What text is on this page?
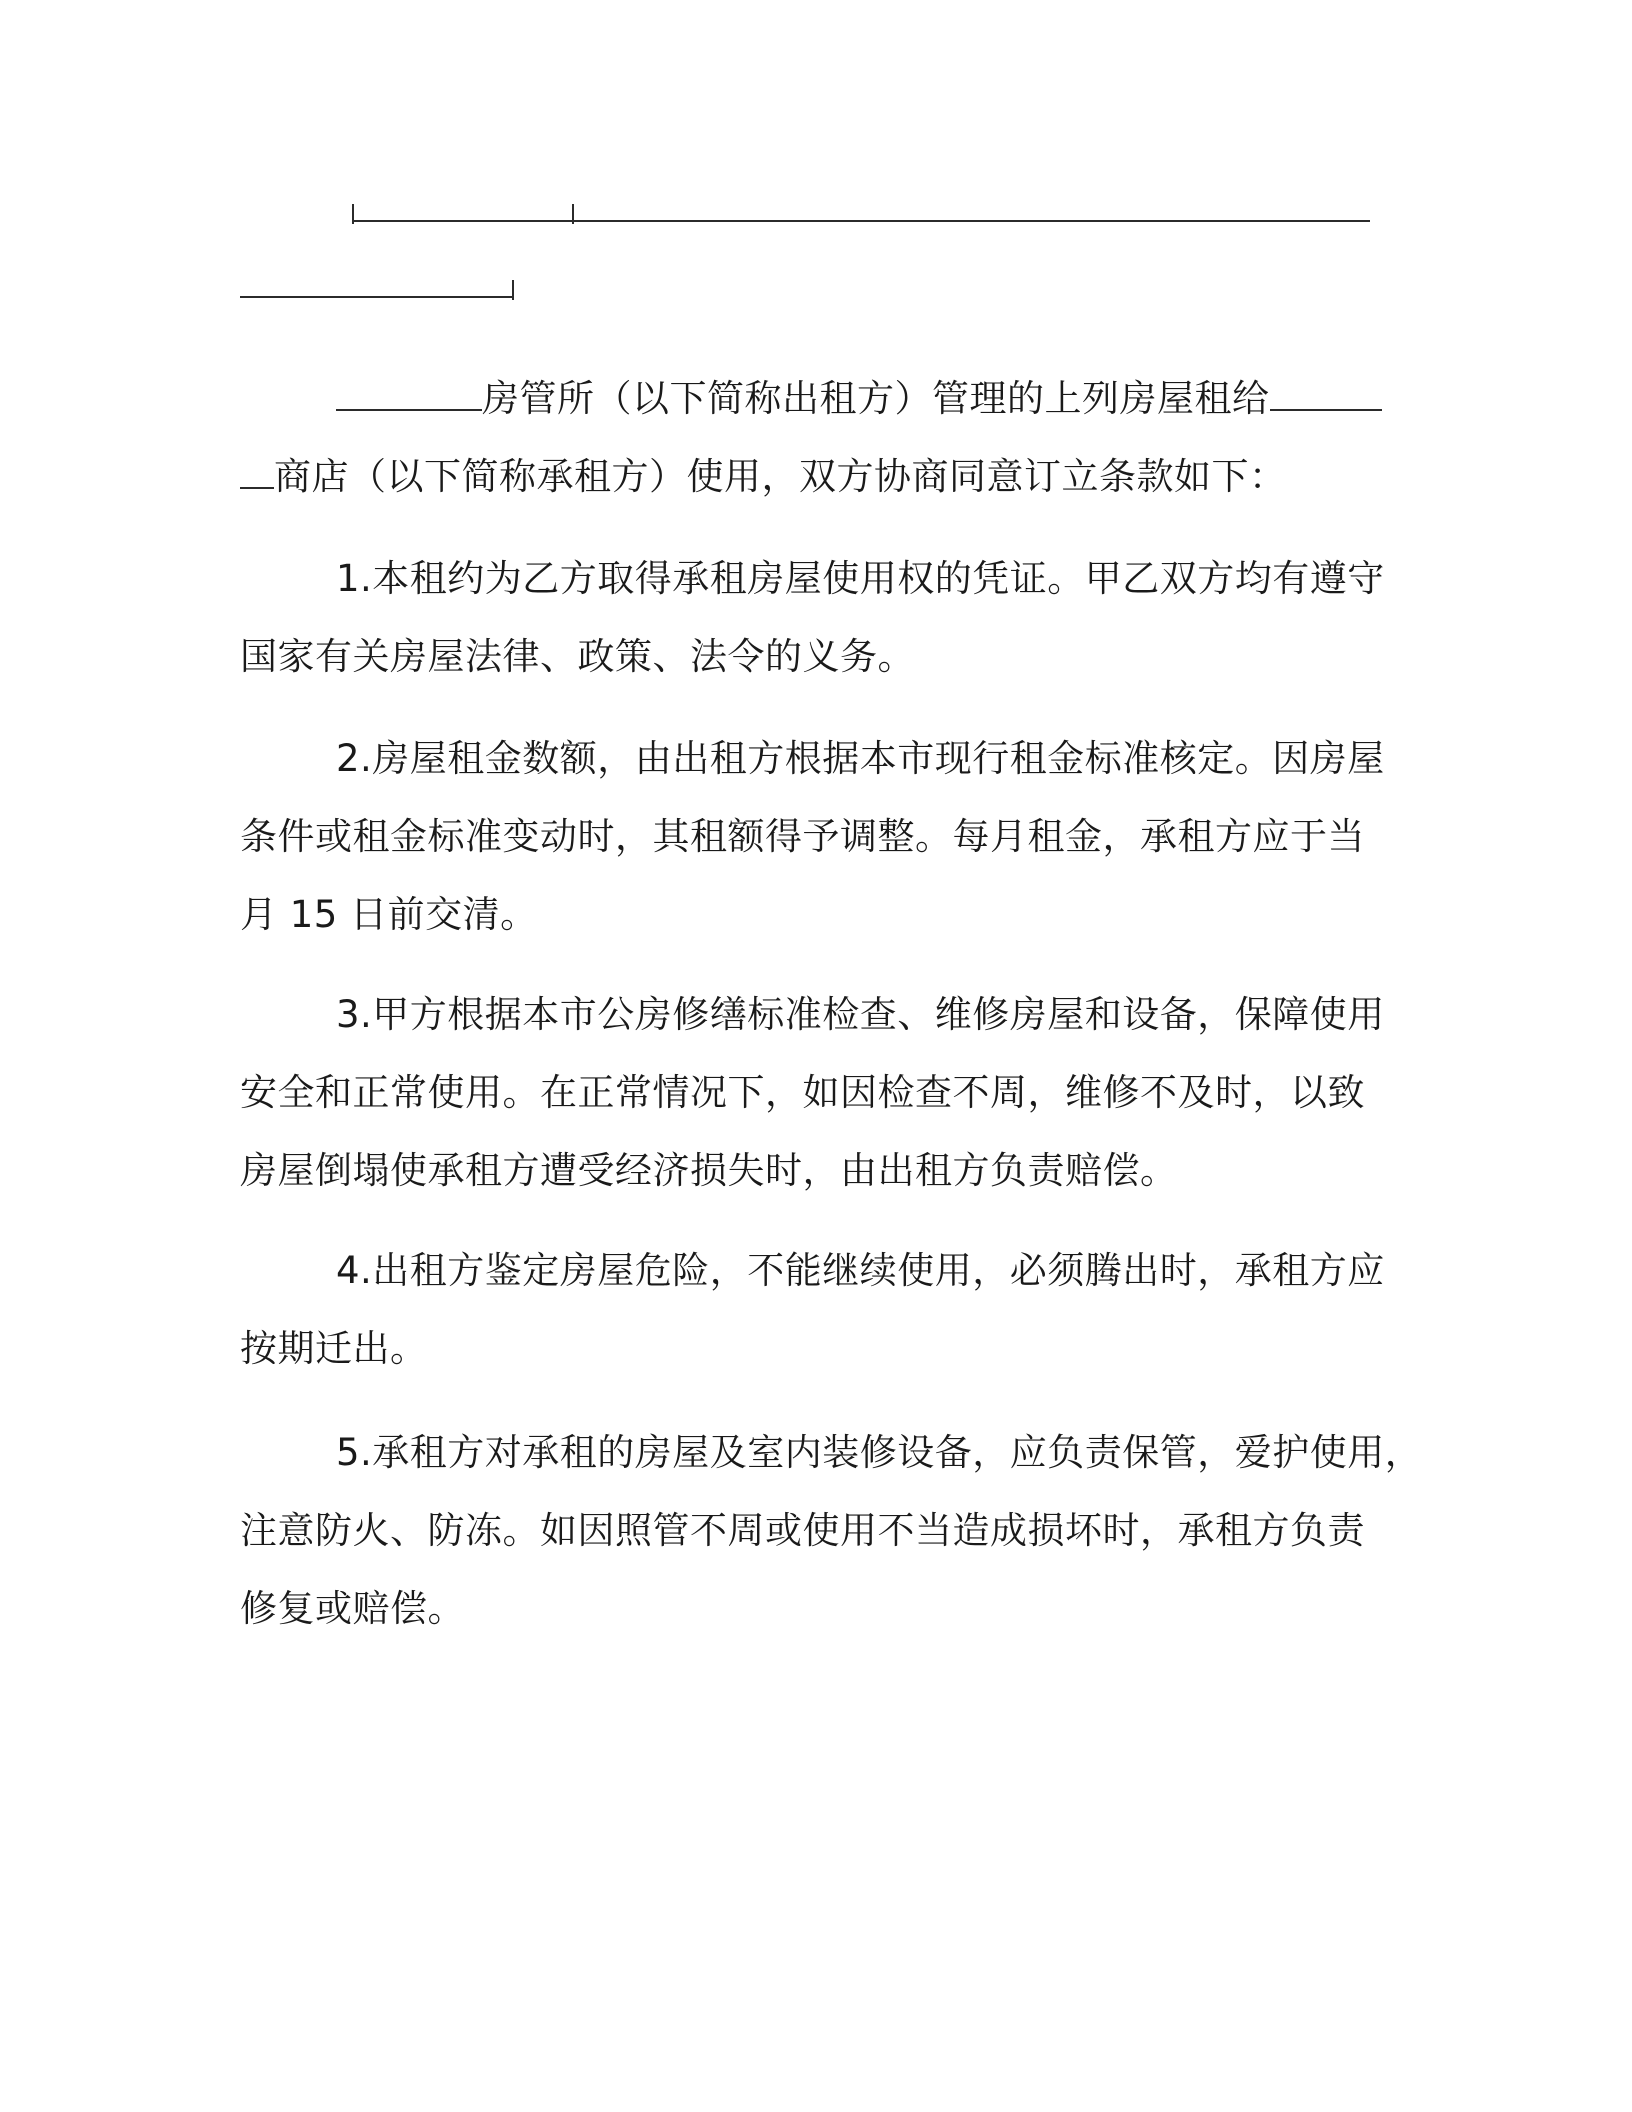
房管所（以下简称出租方）管理的上列房屋租给
商店（以下简称承租方）使用，双方协商同意订立条款如下：
1.本租约为乙方取得承租房屋使用权的凭证。甲乙双方均有遵守
国家有关房屋法律、政策、法令的义务。
2.房屋租金数额，由出租方根据本市现行租金标准核定。因房屋
条件或租金标准变动时，其租额得予调整。每月租金，承租方应于当
月 15 日前交清。
3.甲方根据本市公房修缮标准检查、维修房屋和设备，保障使用
安全和正常使用。在正常情况下，如因检查不周，维修不及时，以致
房屋倒塌使承租方遭受经济损失时，由出租方负责赔偿。
4.出租方鉴定房屋危险，不能继续使用，必须腾出时，承租方应
按期迁出。
5.承租方对承租的房屋及室内装修设备，应负责保管，爱护使用，
注意防火、防冻。如因照管不周或使用不当造成损坏时，承租方负责
修复或赔偿。
